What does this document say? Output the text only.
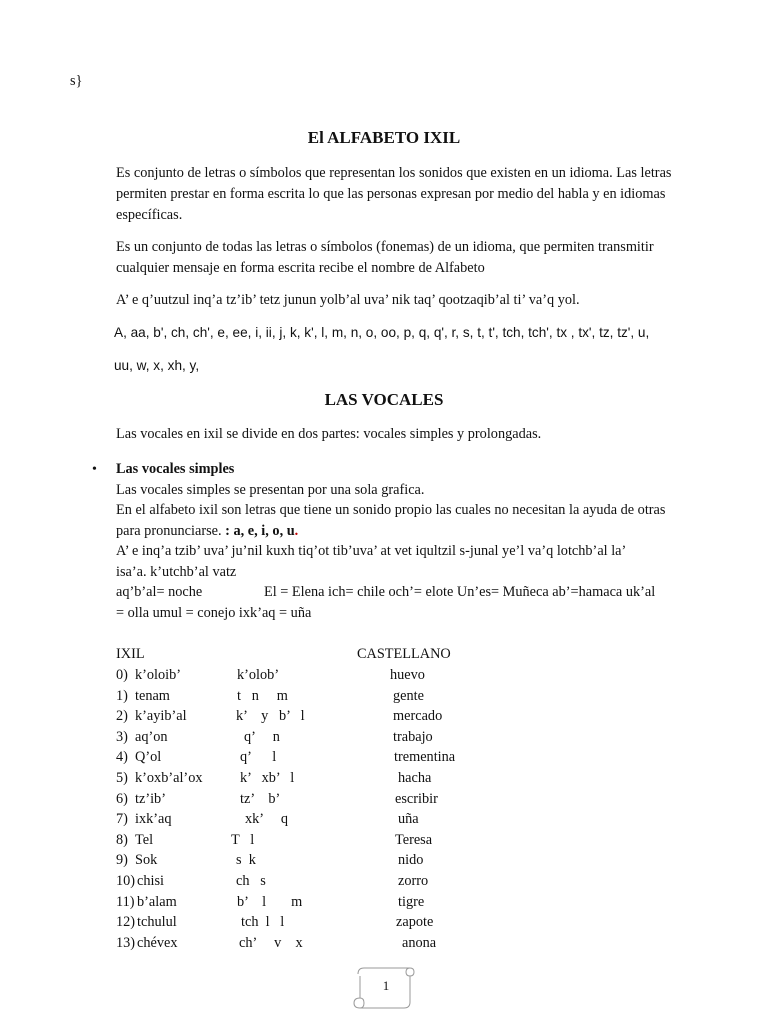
s}
El ALFABETO IXIL
Es conjunto de letras o símbolos que representan los sonidos que existen en un idioma. Las letras permiten prestar en forma escrita lo que las personas expresan por medio del habla y en idiomas específicas.
Es un conjunto de todas las letras o símbolos (fonemas) de un idioma, que permiten transmitir cualquier mensaje en forma escrita recibe el nombre de Alfabeto
A’ e q’uutzul inq’a tz’ib’ tetz junun yolb’al uva’ nik taq’ qootzaqib’al ti’ va’q yol.
A, aa, b', ch, ch', e, ee, i, ii, j, k, k', l, m, n, o, oo, p, q, q', r, s, t, t', tch, tch', tx , tx', tz, tz', u,
uu, w, x, xh, y,
LAS VOCALES
Las vocales en ixil se divide en dos partes: vocales simples y prolongadas.
• Las vocales simples
Las vocales simples se presentan por una sola grafica.
En el alfabeto ixil son letras que tiene un sonido propio las cuales no necesitan la ayuda de otras
para pronunciarse. : a, e, i, o, u.
A’ e inq’a tzib’ uva’ ju’nil kuxh tiq’ot tib’uva’ at vet iqultzil s-junal ye’l va’q lotchb’al la’
isa’a. k’utchb’al vatz
aq’b’al= noche	El = Elena ich= chile och’= elote Un’es= Muñeca ab’=hamaca uk’al
= olla umul = conejo ixk’aq = uña
IXIL	CASTELLANO
0) k’oloib’	k’olob’	huevo
1) tenam	t   n     m	gente
2) k’ayib’al	k’    y   b’   l	mercado
3) aq’on	q’     n	trabajo
4) Q’ol	q’      l	trementina
5) k’oxb’al’ox	k’   xb’   l	hacha
6) tz’ib’	tz’    b’	escribir
7) ixk’aq	xk’     q	uña
8) Tel	T   l	Teresa
9) Sok	s  k	nido
10) chisi	ch   s	zorro
11) b’alam	b’    l       m	tigre
12) tchulul	tch  l   l	zapote
13) chévex	ch’     v    x	anona
1
